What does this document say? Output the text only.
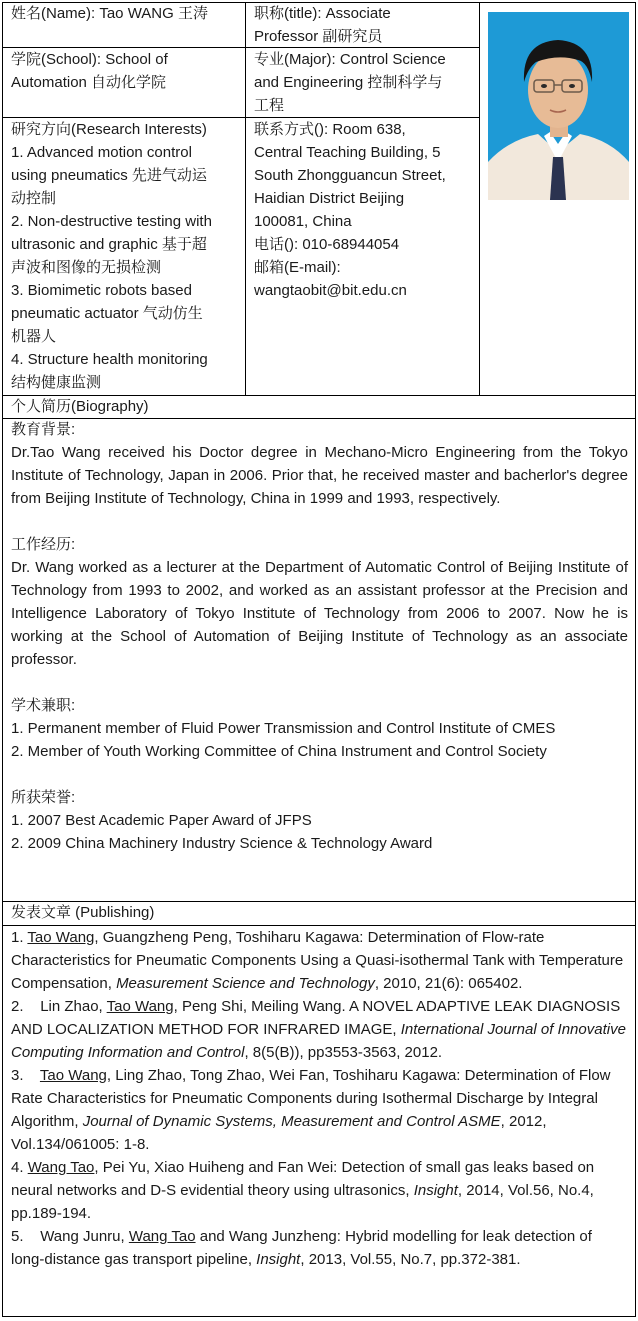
姓名(Name): Tao WANG 王涛	职称(title): Associate
Professor 副研究员
学院(School): School of
Automation 自动化学院
专业(Major): Control Science
and Engineering 控制科学与
工程
研究方向(Research Interests)
1. Advanced motion control
using pneumatics 先进气动运
动控制
2. Non-destructive testing with
ultrasonic and graphic 基于超
声波和图像的无损检测
3. Biomimetic robots based
pneumatic actuator 气动仿生
机器人
4. Structure health monitoring
结构健康监测
联系方式(): Room 638,
Central Teaching Building, 5
South Zhongguancun Street,
Haidian District Beijing
100081, China
电话(): 010-68944054
邮箱(E-mail):
wangtaobit@bit.edu.cn
个人简历(Biography)
教育背景:
Dr.Tao Wang received his Doctor degree in Mechano-Micro Engineering from the Tokyo Institute of Technology, Japan in 2006. Prior that, he received master and bacherlor's degree from Beijing Institute of Technology, China in 1999 and 1993, respectively.
工作经历:
Dr. Wang worked as a lecturer at the Department of Automatic Control of Beijing Institute of Technology from 1993 to 2002, and worked as an assistant professor at the Precision and Intelligence Laboratory of Tokyo Institute of Technology from 2006 to 2007. Now he is working at the School of Automation of Beijing Institute of Technology as an associate professor.
学术兼职:
1. Permanent member of Fluid Power Transmission and Control Institute of CMES
2. Member of Youth Working Committee of China Instrument and Control Society
所获荣誉:
1. 2007 Best Academic Paper Award of JFPS
2. 2009 China Machinery Industry Science & Technology Award
发表文章 (Publishing)
1. Tao Wang, Guangzheng Peng, Toshiharu Kagawa: Determination of Flow-rate Characteristics for Pneumatic Components Using a Quasi-isothermal Tank with Temperature Compensation, Measurement Science and Technology, 2010, 21(6): 065402.
2.    Lin Zhao, Tao Wang, Peng Shi, Meiling Wang. A NOVEL ADAPTIVE LEAK DIAGNOSIS AND LOCALIZATION METHOD FOR INFRARED IMAGE, International Journal of Innovative Computing Information and Control, 8(5(B)), pp3553-3563, 2012.
3.    Tao Wang, Ling Zhao, Tong Zhao, Wei Fan, Toshiharu Kagawa: Determination of Flow Rate Characteristics for Pneumatic Components during Isothermal Discharge by Integral Algorithm, Journal of Dynamic Systems, Measurement and Control ASME, 2012, Vol.134/061005: 1-8.
4. Wang Tao, Pei Yu, Xiao Huiheng and Fan Wei: Detection of small gas leaks based on neural networks and D-S evidential theory using ultrasonics, Insight, 2014, Vol.56, No.4, pp.189-194.
5.    Wang Junru, Wang Tao and Wang Junzheng: Hybrid modelling for leak detection of long-distance gas transport pipeline, Insight, 2013, Vol.55, No.7, pp.372-381.
